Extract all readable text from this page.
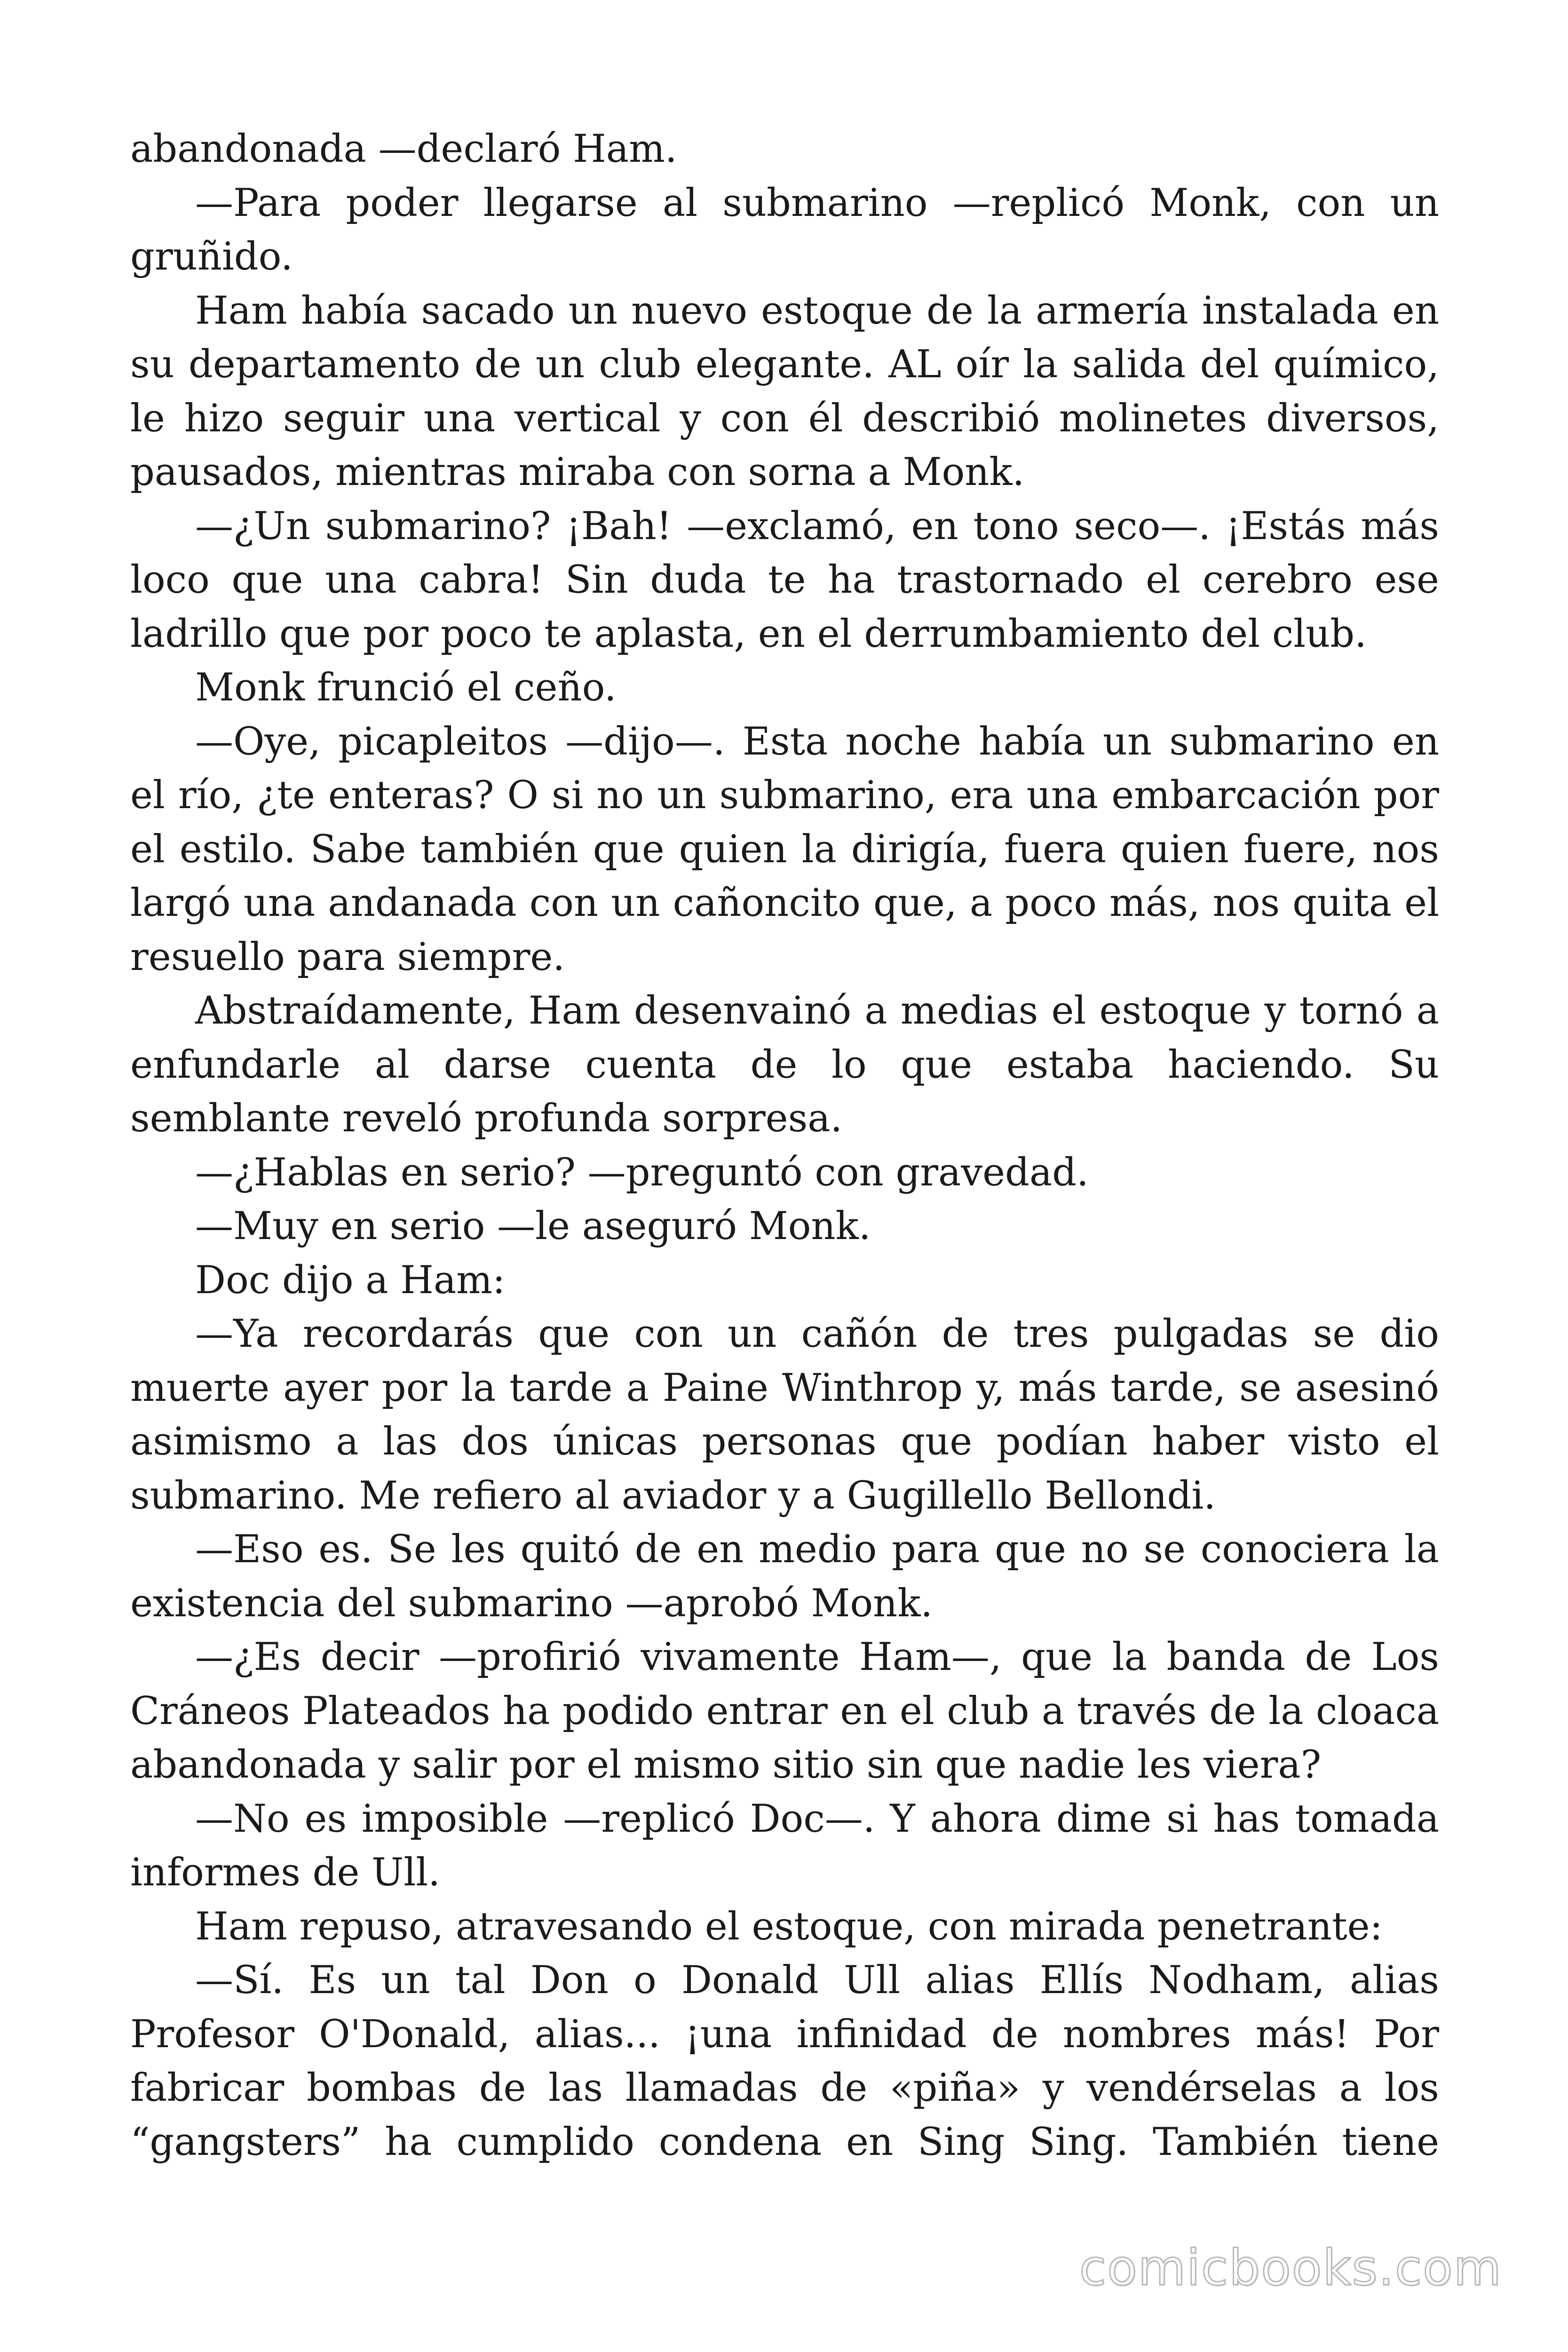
abandonada —declaró Ham.

—Para poder llegarse al submarino —replicó Monk, con un gruñido.

Ham había sacado un nuevo estoque de la armería instalada en su departamento de un club elegante. AL oír la salida del químico, le hizo seguir una vertical y con él describió molinetes diversos, pausados, mientras miraba con sorna a Monk.

—¿Un submarino? ¡Bah! —exclamó, en tono seco—. ¡Estás más loco que una cabra! Sin duda te ha trastornado el cerebro ese ladrillo que por poco te aplasta, en el derrumbamiento del club.

Monk frunció el ceño.

—Oye, picapleitos —dijo—. Esta noche había un submarino en el río, ¿te enteras? O si no un submarino, era una embarcación por el estilo. Sabe también que quien la dirigía, fuera quien fuere, nos largó una andanada con un cañoncito que, a poco más, nos quita el resuello para siempre.

Abstraídamente, Ham desenvainó a medias el estoque y tornó a enfundarle al darse cuenta de lo que estaba haciendo. Su semblante reveló profunda sorpresa.

—¿Hablas en serio? —preguntó con gravedad.

—Muy en serio —le aseguró Monk.

Doc dijo a Ham:

—Ya recordarás que con un cañón de tres pulgadas se dio muerte ayer por la tarde a Paine Winthrop y, más tarde, se asesinó asimismo a las dos únicas personas que podían haber visto el submarino. Me refiero al aviador y a Gugillello Bellondi.

—Eso es. Se les quitó de en medio para que no se conociera la existencia del submarino —aprobó Monk.

—¿Es decir —profirió vivamente Ham—, que la banda de Los Cráneos Plateados ha podido entrar en el club a través de la cloaca abandonada y salir por el mismo sitio sin que nadie les viera?

—No es imposible —replicó Doc—. Y ahora dime si has tomada informes de Ull.

Ham repuso, atravesando el estoque, con mirada penetrante:

—Sí. Es un tal Don o Donald Ull alias Ellís Nodham, alias Profesor O'Donald, alias... ¡una infinidad de nombres más! Por fabricar bombas de las llamadas de «piña» y vendérselas a los “gangsters” ha cumplido condena en Sing Sing. También tiene

comicbooks.com
